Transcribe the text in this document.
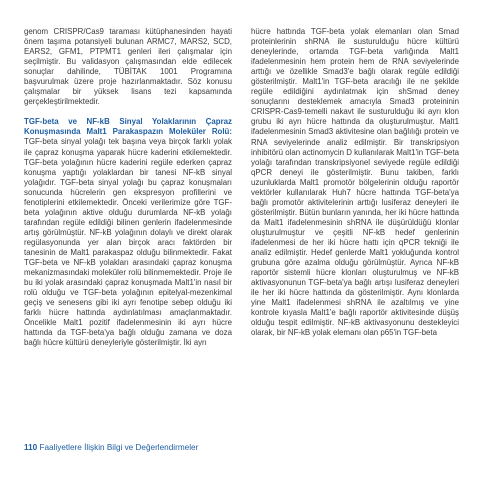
genom CRISPR/Cas9 taraması kütüphanesinden hayati önem taşıma potansiyeli bulunan ARMC7, MARS2, SCD, EARS2, GFM1, PTPMT1 genleri ileri çalışmalar için seçilmiştir. Bu validasyon çalışmasından elde edilecek sonuçlar dahilinde, TÜBİTAK 1001 Programına başvurulmak üzere proje hazırlanmaktadır. Söz konusu çalışmalar bir yüksek lisans tezi kapsamında gerçekleştirilmektedir.

TGF-beta ve NF-kB Sinyal Yolaklarının Çapraz Konuşmasında Malt1 Parakaspazın Moleküler Rolü: TGF-beta sinyal yolağı tek başına veya birçok farklı yolak ile çapraz konuşma yaparak hücre kaderini etkilemektedir. TGF-beta yolağının hücre kaderini regüle ederken çapraz konuşma yaptığı yolaklardan bir tanesi NF-kB sinyal yolağıdır. TGF-beta sinyal yolağı bu çapraz konuşmaları sonucunda hücrelerin gen ekspresyon profillerini ve fenotiplerini etkilemektedir. Önceki verilerimize göre TGF-beta yolağının aktive olduğu durumlarda NF-kB yolağı tarafından regüle edildiği bilinen genlerin ifadelenmesinde artış görülmüştür. NF-kB yolağının dolaylı ve direkt olarak regülasyonunda yer alan birçok aracı faktörden bir tanesinin de Malt1 parakaspaz olduğu bilinmektedir. Fakat TGF-beta ve NF-kB yolakları arasındaki çapraz konuşma mekanizmasındaki moleküler rolü bilinmemektedir. Proje ile bu iki yolak arasındaki çapraz konuşmada Malt1'in nasıl bir rolü olduğu ve TGF-beta yolağının epitelyal-mezenkimal geçiş ve senesens gibi iki ayrı fenotipe sebep olduğu iki farklı hücre hattında aydınlatılması amaçlanmaktadır. Öncelikle Malt1 pozitif ifadelenmesinin iki ayrı hücre hattında da TGF-beta'ya bağlı olduğu zamana ve doza bağlı hücre kültürü deneyleriyle gösterilmiştir. İki ayrı

hücre hattında TGF-beta yolak elemanları olan Smad proteinlerinin shRNA ile susturulduğu hücre kültürü deneylerinde, ortamda TGF-beta varlığında Malt1 ifadelenmesinin hem protein hem de RNA seviyelerinde arttığı ve özellikle Smad3'e bağlı olarak regüle edildiği gösterilmiştir. Malt1'in TGF-beta aracılığı ile ne şekilde regüle edildiğini aydınlatmak için shSmad deney sonuçlarını desteklemek amacıyla Smad3 proteininin CRISPR-Cas9-temelli nakavt ile susturulduğu iki ayrı klon grubu iki ayrı hücre hattında da oluşturulmuştur. Malt1 ifadelenmesinin Smad3 aktivitesine olan bağlılığı protein ve RNA seviyelerinde analiz edilmiştir. Bir transkripsiyon inhibitörü olan actinomycin D kullanılarak Malt1'in TGF-beta yolağı tarafından transkripsiyonel seviyede regüle edildiği qPCR deneyi ile gösterilmiştir. Bunu takiben, farklı uzunluklarda Malt1 promotör bölgelerinin olduğu raportör vektörler kullanılarak Huh7 hücre hattında TGF-beta'ya bağlı promotör aktivitelerinin arttığı lusiferaz deneyleri ile gösterilmiştir. Bütün bunların yanında, her iki hücre hattında da Malt1 ifadelenmesinin shRNA ile düşürüldüğü klonlar oluşturulmuştur ve çeşitli NF-kB hedef genlerinin ifadelenmesi de her iki hücre hattı için qPCR tekniği ile analiz edilmiştir. Hedef genlerde Malt1 yokluğunda kontrol grubuna göre azalma olduğu görülmüştür. Ayrıca NF-kB raportör sistemli hücre klonları oluşturulmuş ve NF-kB aktivasyonunun TGF-beta'ya bağlı artışı lusiferaz deneyleri ile her iki hücre hattında da gösterilmiştir. Aynı klonlarda yine Malt1 ifadelenmesi shRNA ile azaltılmış ve yine kontrole kıyasla Malt1'e bağlı raportör aktivitesinde düşüş olduğu tespit edilmiştir. NF-kB aktivasyonunu destekleyici olarak, bir NF-kB yolak elemanı olan p65'in TGF-beta

110 Faaliyetlere İlişkin Bilgi ve Değerlendirmeler
